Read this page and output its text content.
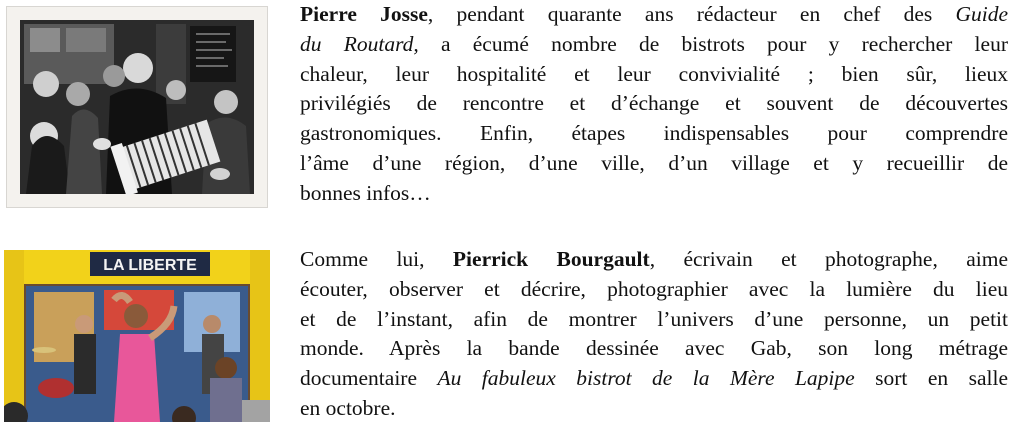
Pierre Josse, pendant quarante ans rédacteur en chef des Guide
du Routard, a écumé nombre de bistrots pour y rechercher leur
chaleur, leur hospitalité et leur convivialité ; bien sûr, lieux
privilégiés de rencontre et d’échange et souvent de découvertes
gastronomiques. Enfin, étapes indispensables pour comprendre
l’âme d’une région, d’une ville, d’un village et y recueillir de
bonnes infos…
LA LIBERTE	Comme lui, Pierrick Bourgault, écrivain et photographe, aime
écouter, observer et décrire, photographier avec la lumière du lieu
et de l’instant, afin de montrer l’univers d’une personne, un petit
monde. Après la bande dessinée avec Gab, son long métrage
documentaire Au fabuleux bistrot de la Mère Lapipe sort en salle
en octobre.
